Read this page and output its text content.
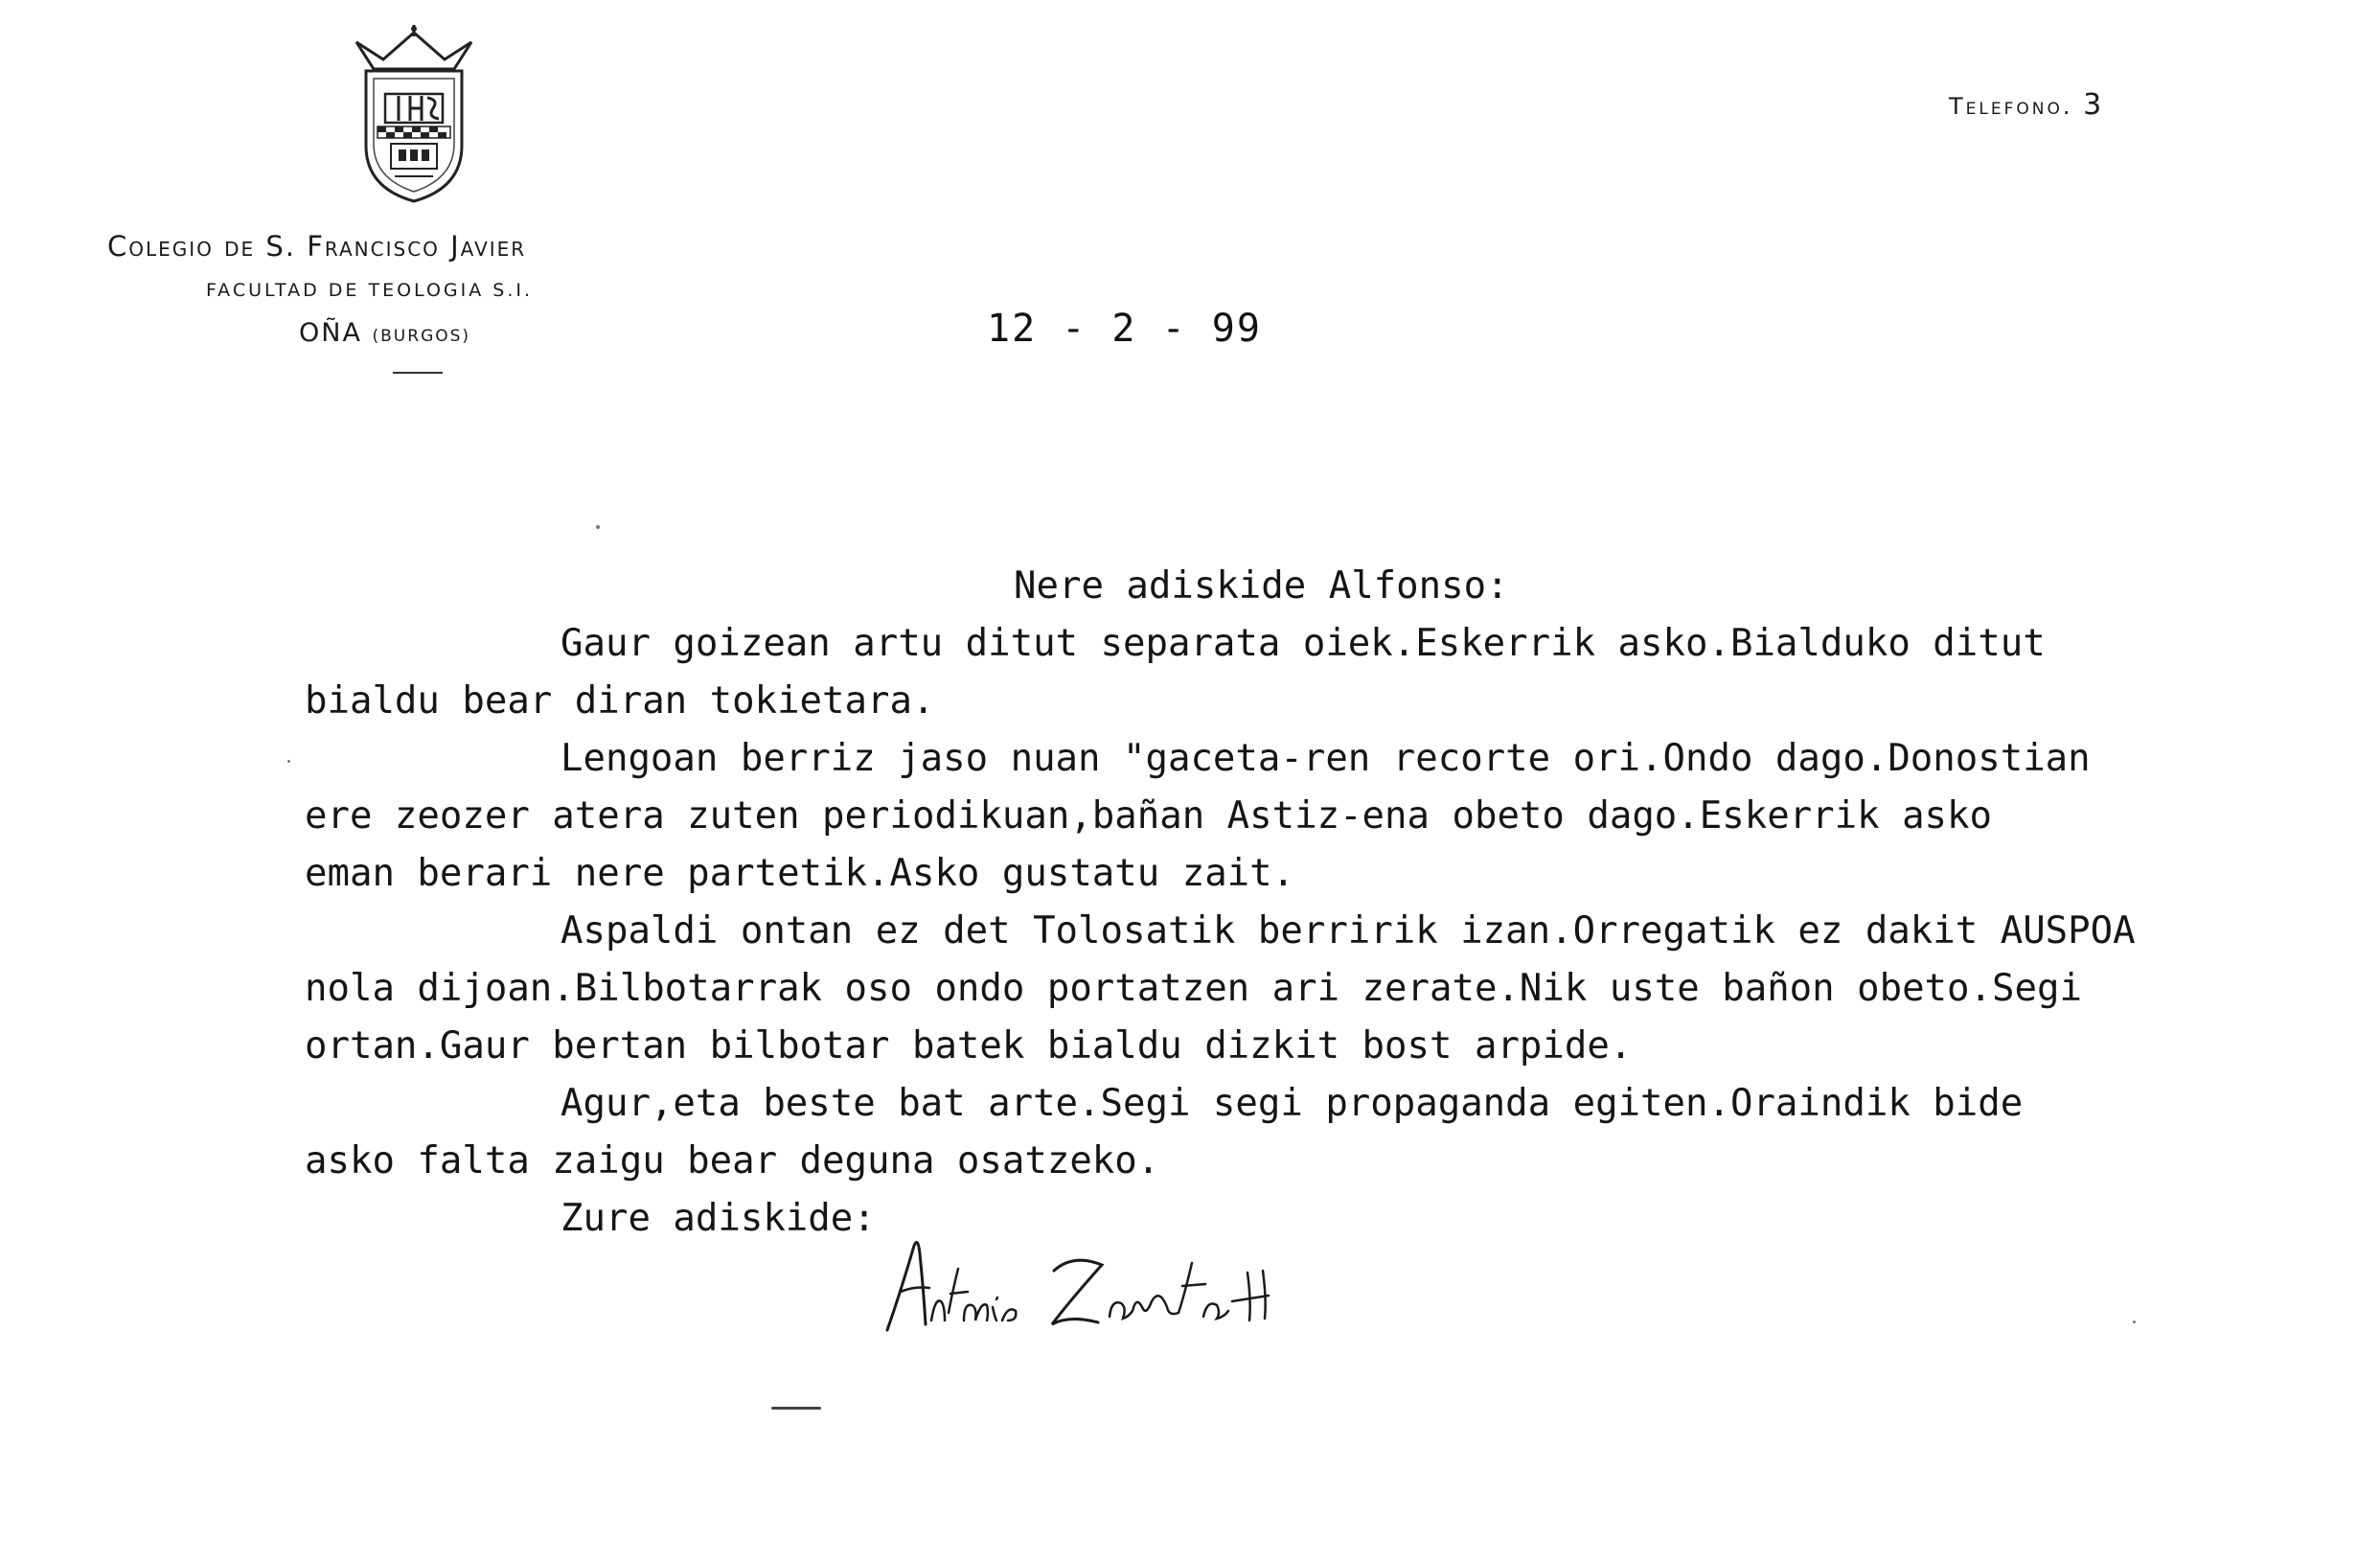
Colegio de S. Francisco Javier
FACULTAD DE TEOLOGIA S.I.
OÑA (BURGOS)
Telefono. 3
12 - 2 - 99
Nere adiskide Alfonso:
Gaur goizean artu ditut separata oiek.Eskerrik asko.Bialduko ditut
bialdu bear diran tokietara.
Lengoan berriz jaso nuan "gaceta-ren recorte ori.Ondo dago.Donostian
ere zeozer atera zuten periodikuan,bañan Astiz-ena obeto dago.Eskerrik asko
eman berari nere partetik.Asko gustatu zait.
Aspaldi ontan ez det Tolosatik berririk izan.Orregatik ez dakit AUSPOA
nola dijoan.Bilbotarrak oso ondo portatzen ari zerate.Nik uste bañon obeto.Segi
ortan.Gaur bertan bilbotar batek bialdu dizkit bost arpide.
Agur,eta beste bat arte.Segi segi propaganda egiten.Oraindik bide
asko falta zaigu bear deguna osatzeko.
Zure adiskide:
